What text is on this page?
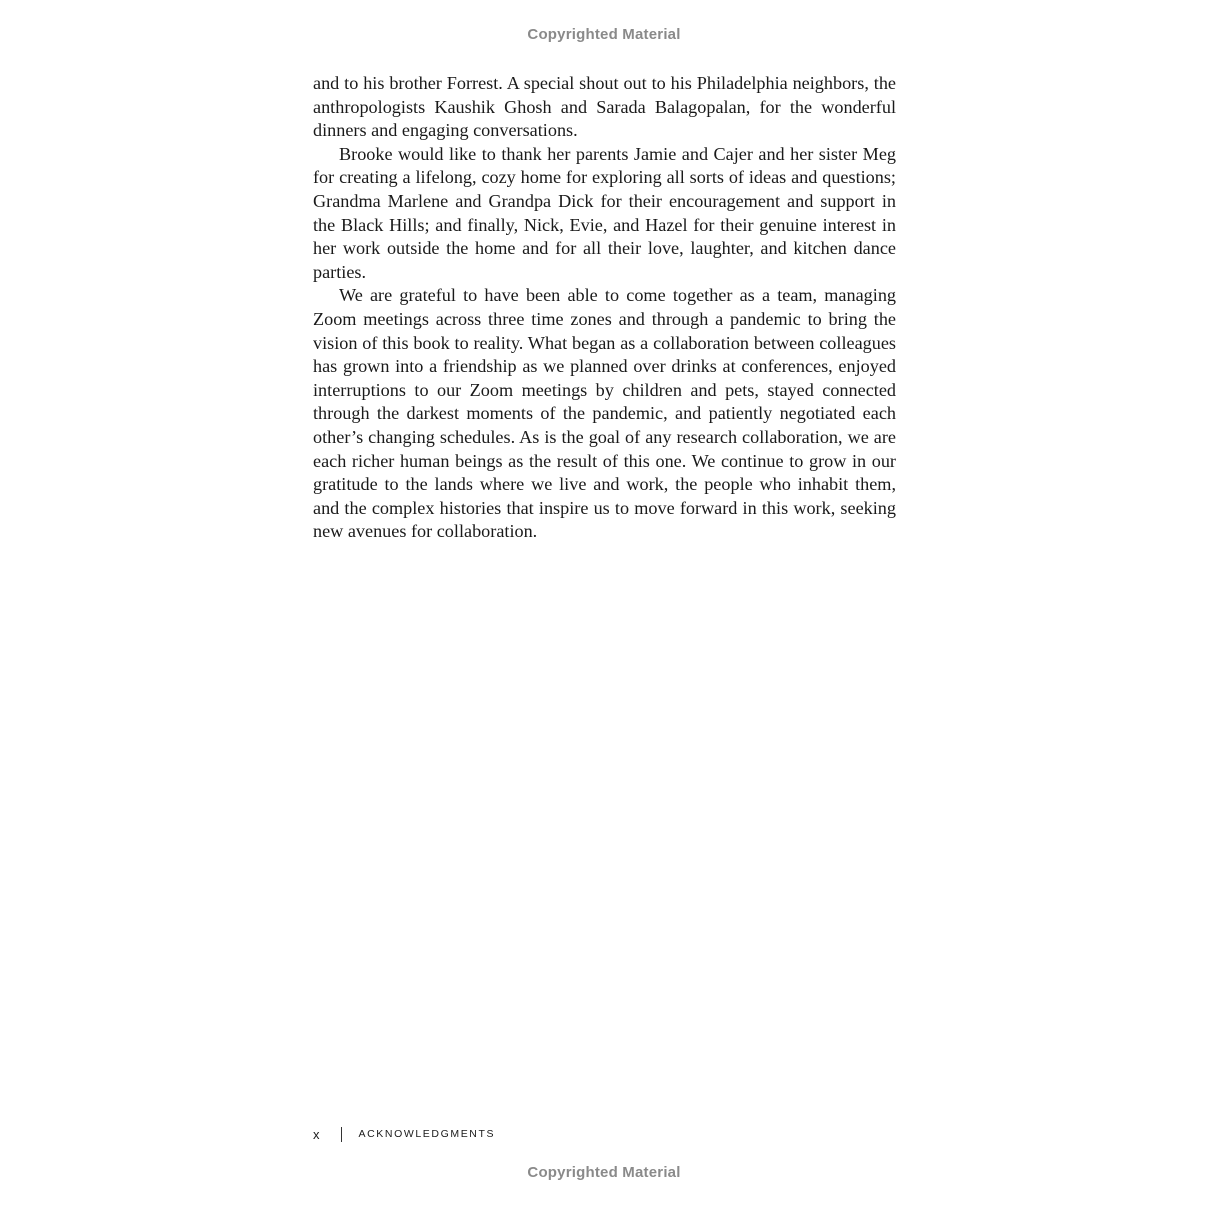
Copyrighted Material

and to his brother Forrest. A special shout out to his Philadelphia neighbors, the anthropologists Kaushik Ghosh and Sarada Balagopalan, for the wonderful dinners and engaging conversations.

Brooke would like to thank her parents Jamie and Cajer and her sister Meg for creating a lifelong, cozy home for exploring all sorts of ideas and questions; Grandma Marlene and Grandpa Dick for their encouragement and support in the Black Hills; and finally, Nick, Evie, and Hazel for their genuine interest in her work outside the home and for all their love, laughter, and kitchen dance parties.

We are grateful to have been able to come together as a team, managing Zoom meetings across three time zones and through a pandemic to bring the vision of this book to reality. What began as a collaboration between colleagues has grown into a friendship as we planned over drinks at conferences, enjoyed interruptions to our Zoom meetings by children and pets, stayed connected through the darkest moments of the pandemic, and patiently negotiated each other’s changing schedules. As is the goal of any research collaboration, we are each richer human beings as the result of this one. We continue to grow in our gratitude to the lands where we live and work, the people who inhabit them, and the complex histories that inspire us to move forward in this work, seeking new avenues for collaboration.

x	ACKNOWLEDGMENTS
Copyrighted Material
